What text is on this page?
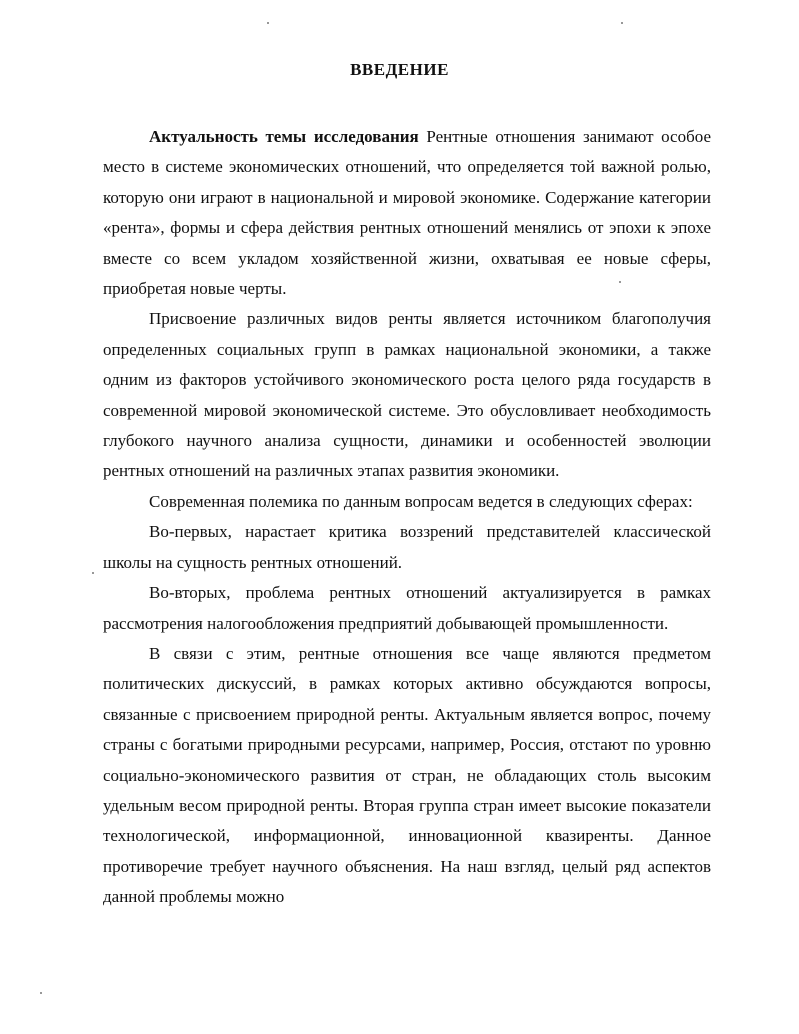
ВВЕДЕНИЕ

Актуальность темы исследования Рентные отношения занимают особое место в системе экономических отношений, что определяется той важной ролью, которую они играют в национальной и мировой экономике. Содержание категории «рента», формы и сфера действия рентных отношений менялись от эпохи к эпохе вместе со всем укладом хозяйственной жизни, охватывая ее новые сферы, приобретая новые черты.

Присвоение различных видов ренты является источником благополучия определенных социальных групп в рамках национальной экономики, а также одним из факторов устойчивого экономического роста целого ряда государств в современной мировой экономической системе. Это обусловливает необходимость глубокого научного анализа сущности, динамики и особенностей эволюции рентных отношений на различных этапах развития экономики.

Современная полемика по данным вопросам ведется в следующих сферах:

Во-первых, нарастает критика воззрений представителей классической школы на сущность рентных отношений.

Во-вторых, проблема рентных отношений актуализируется в рамках рассмотрения налогообложения предприятий добывающей промышленности.

В связи с этим, рентные отношения все чаще являются предметом политических дискуссий, в рамках которых активно обсуждаются вопросы, связанные с присвоением природной ренты. Актуальным является вопрос, почему страны с богатыми природными ресурсами, например, Россия, отстают по уровню социально-экономического развития от стран, не обладающих столь высоким удельным весом природной ренты. Вторая группа стран имеет высокие показатели технологической, информационной, инновационной квазиренты. Данное противоречие требует научного объяснения. На наш взгляд, целый ряд аспектов данной проблемы можно
